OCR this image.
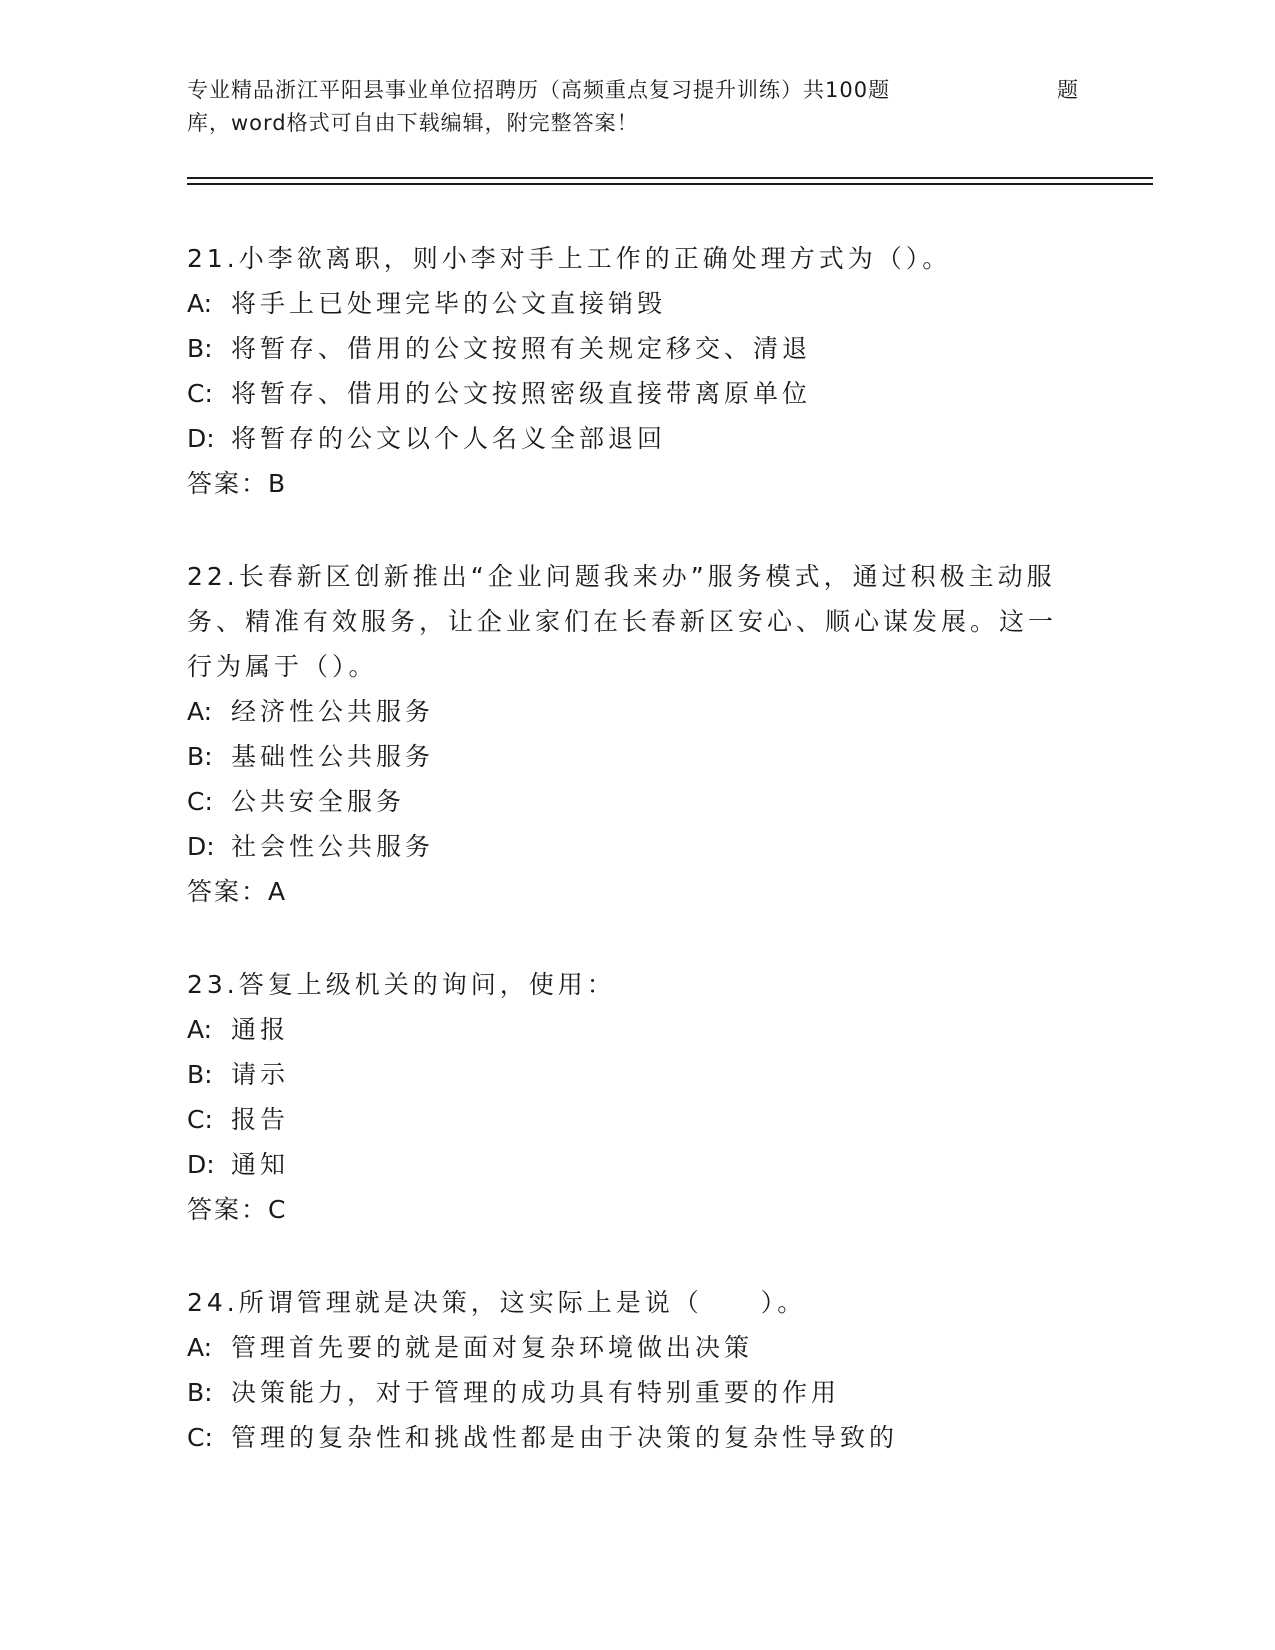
专业精品浙江平阳县事业单位招聘历（高频重点复习提升训练）共100题	题
库，word格式可自由下载编辑，附完整答案！
21.小李欲离职，则小李对手上工作的正确处理方式为（）。
A: 将手上已处理完毕的公文直接销毁
B: 将暂存、借用的公文按照有关规定移交、清退
C: 将暂存、借用的公文按照密级直接带离原单位
D: 将暂存的公文以个人名义全部退回
答案：B
22.长春新区创新推出“企业问题我来办”服务模式，通过积极主动服务、精准有效服务，让企业家们在长春新区安心、顺心谋发展。这一行为属于（）。
A: 经济性公共服务
B: 基础性公共服务
C: 公共安全服务
D: 社会性公共服务
答案：A
23.答复上级机关的询问，使用：
A: 通报
B: 请示
C: 报告
D: 通知
答案：C
24.所谓管理就是决策，这实际上是说（　　）。
A: 管理首先要的就是面对复杂环境做出决策
B: 决策能力，对于管理的成功具有特别重要的作用
C: 管理的复杂性和挑战性都是由于决策的复杂性导致的
